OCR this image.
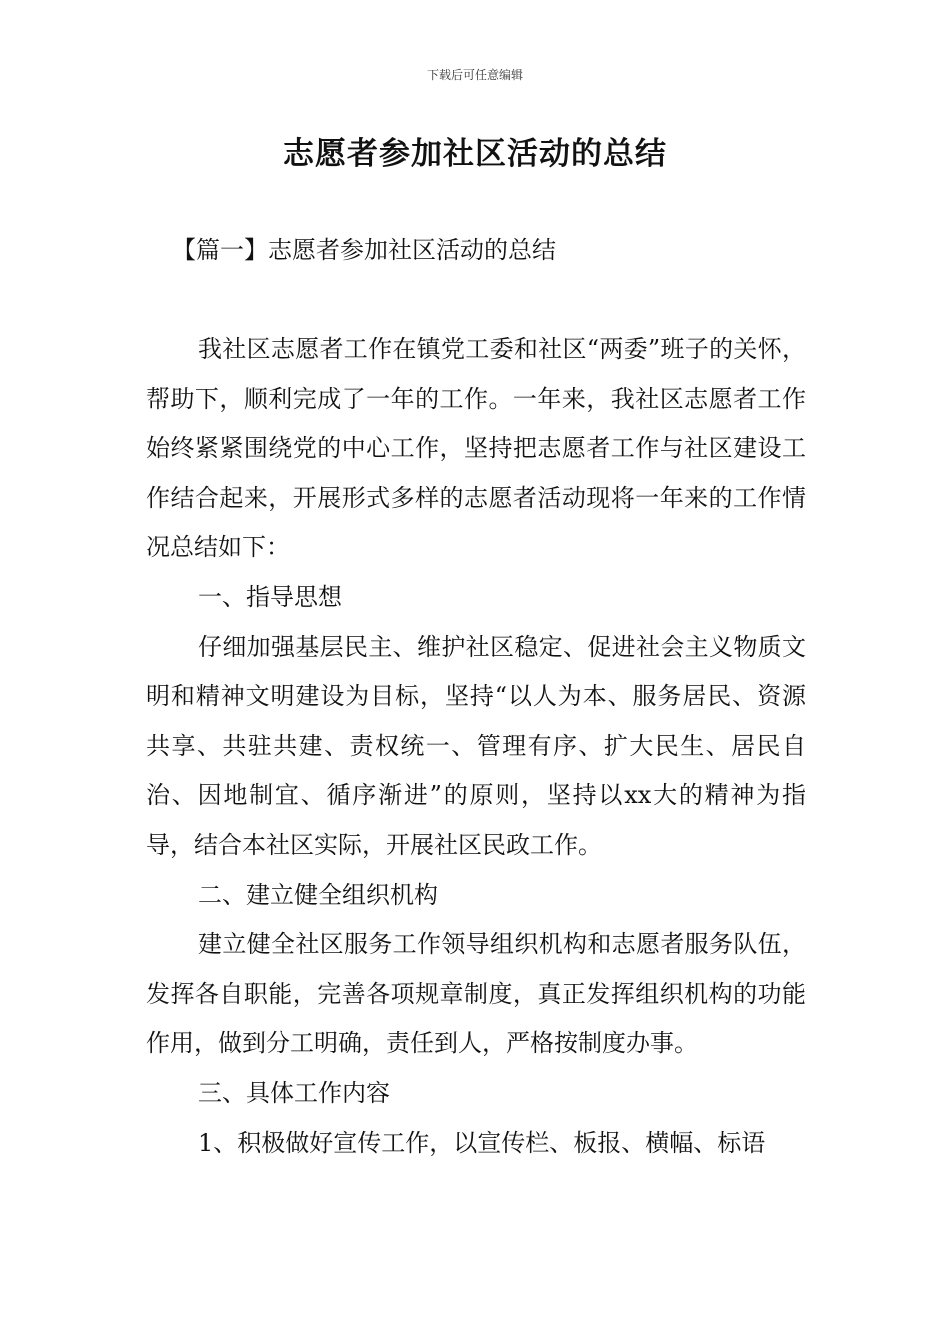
下载后可任意编辑
志愿者参加社区活动的总结
【篇一】志愿者参加社区活动的总结

我社区志愿者工作在镇党工委和社区“两委”班子的关怀，帮助下，顺利完成了一年的工作。一年来，我社区志愿者工作始终紧紧围绕党的中心工作，坚持把志愿者工作与社区建设工作结合起来，开展形式多样的志愿者活动现将一年来的工作情况总结如下：

一、指导思想

仔细加强基层民主、维护社区稳定、促进社会主义物质文明和精神文明建设为目标，坚持“以人为本、服务居民、资源共享、共驻共建、责权统一、管理有序、扩大民生、居民自治、因地制宜、循序渐进”的原则，坚持以xx大的精神为指导，结合本社区实际，开展社区民政工作。

二、建立健全组织机构

建立健全社区服务工作领导组织机构和志愿者服务队伍，发挥各自职能，完善各项规章制度，真正发挥组织机构的功能作用，做到分工明确，责任到人，严格按制度办事。

三、具体工作内容

1、积极做好宣传工作，以宣传栏、板报、横幅、标语
